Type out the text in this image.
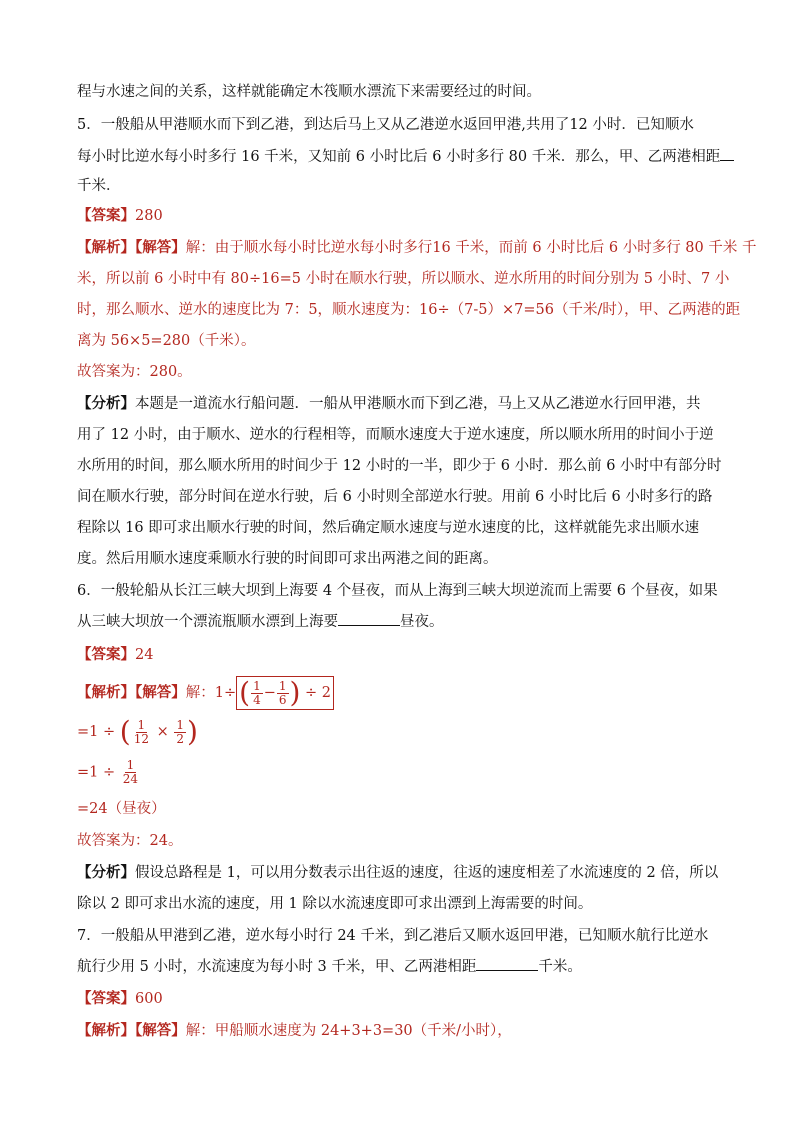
程与水速之间的关系，这样就能确定木筏顺水漂流下来需要经过的时间。
5．一般船从甲港顺水而下到乙港，到达后马上又从乙港逆水返回甲港,共用了12 小时．已知顺水
每小时比逆水每小时多行 16 千米，又知前 6 小时比后 6 小时多行 80 千米．那么，甲、乙两港相距
千米．
【答案】280
【解析】【解答】解：由于顺水每小时比逆水每小时多行16 千米，而前 6 小时比后 6 小时多行 80 千米 千
米，所以前 6 小时中有 80÷16=5 小时在顺水行驶，所以顺水、逆水所用的时间分别为 5 小时、7 小
时，那么顺水、逆水的速度比为 7：5，顺水速度为：16÷（7-5）×7=56（千米/时），甲、乙两港的距
离为 56×5=280（千米）。
故答案为：280。
【分析】本题是一道流水行船问题．一船从甲港顺水而下到乙港，马上又从乙港逆水行回甲港，共
用了 12 小时，由于顺水、逆水的行程相等，而顺水速度大于逆水速度，所以顺水所用的时间小于逆
水所用的时间，那么顺水所用的时间少于 12 小时的一半，即少于 6 小时．那么前 6 小时中有部分时
间在顺水行驶，部分时间在逆水行驶，后 6 小时则全部逆水行驶。用前 6 小时比后 6 小时多行的路
程除以 16 即可求出顺水行驶的时间，然后确定顺水速度与逆水速度的比，这样就能先求出顺水速
度。然后用顺水速度乘顺水行驶的时间即可求出两港之间的距离。
6．一般轮船从长江三峡大坝到上海要 4 个昼夜，而从上海到三峡大坝逆流而上需要 6 个昼夜，如果
从三峡大坝放一个漂流瓶顺水漂到上海要	昼夜。
【答案】24
【解析】【解答】解：1÷ ( $\frac{1}{4} - \frac{1}{6}$ ) ÷ 2
=1 ÷ ( $\frac{1}{12} \times \frac{1}{2}$ )
$=1 \div \frac{1}{24}$
=24（昼夜）
故答案为：24。
【分析】假设总路程是 1，可以用分数表示出往返的速度，往返的速度相差了水流速度的 2 倍，所以
除以 2 即可求出水流的速度，用 1 除以水流速度即可求出漂到上海需要的时间。
7．一般船从甲港到乙港，逆水每小时行 24 千米，到乙港后又顺水返回甲港，已知顺水航行比逆水
航行少用 5 小时，水流速度为每小时 3 千米，甲、乙两港相距	千米。
【答案】600
【解析】【解答】解：甲船顺水速度为 24+3+3=30（千米/小时），
